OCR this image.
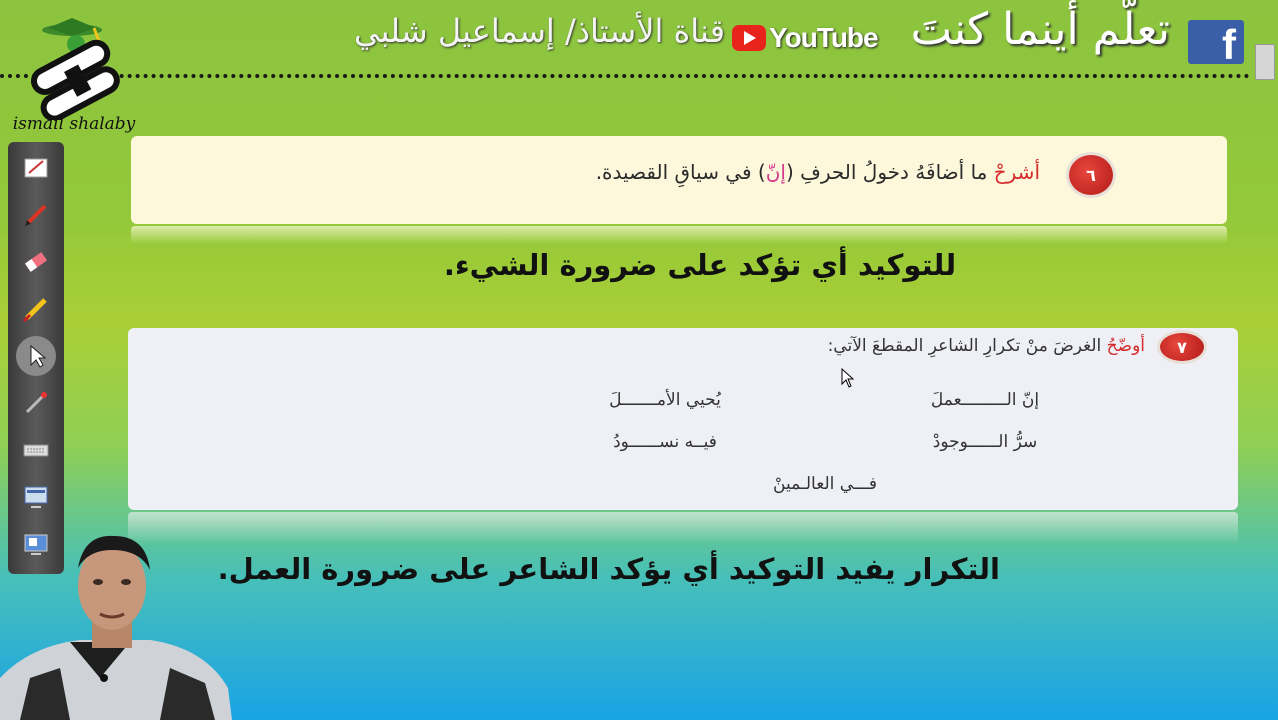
قناة الأستاذ/ إسماعيل شلبي YouTube تعلّم أينما كنتَ	f
ismail shalaby
٦
أشرحْ ما أضافَهُ دخولُ الحرفِ (إنّ) في سياقِ القصيدة.
للتوكيد أي تؤكد على ضرورة الشيء.
٧
أوضّحُ الغرضَ منْ تكرارِ الشاعرِ المقطعَ الآتي:
إنّ الـــــــــعملَ
يُحيي الأمـــــــلَ
سرُّ الــــــوجودْ
فيــه نســــــودُ
فـــي العالـمينْ
التكرار يفيد التوكيد أي يؤكد الشاعر على ضرورة العمل.
